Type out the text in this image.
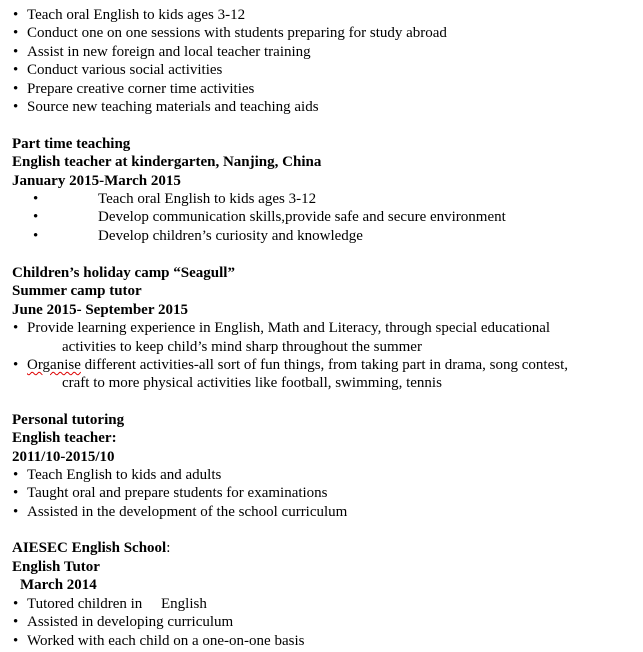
• Teach oral English to kids ages 3-12
• Conduct one on one sessions with students preparing for study abroad
• Assist in new foreign and local teacher training
• Conduct various social activities
• Prepare creative corner time activities
• Source new teaching materials and teaching aids
Part time teaching
English teacher at kindergarten, Nanjing, China
January 2015-March 2015
•	Teach oral English to kids ages 3-12
•	Develop communication skills,provide safe and secure environment
•	Develop children’s curiosity and knowledge
Children’s holiday camp “Seagull”
Summer camp tutor
June 2015- September 2015
• Provide learning experience in English, Math and Literacy, through special educational
activities to keep child’s mind sharp throughout the summer
• Organise different activities-all sort of fun things, from taking part in drama, song contest,
craft to more physical activities like football, swimming, tennis
Personal tutoring
English teacher:
2011/10-2015/10
• Teach English to kids and adults
• Taught oral and prepare students for examinations
• Assisted in the development of the school curriculum
AIESEC English School:
English Tutor
March 2014
• Tutored children in     English
• Assisted in developing curriculum
• Worked with each child on a one-on-one basis
